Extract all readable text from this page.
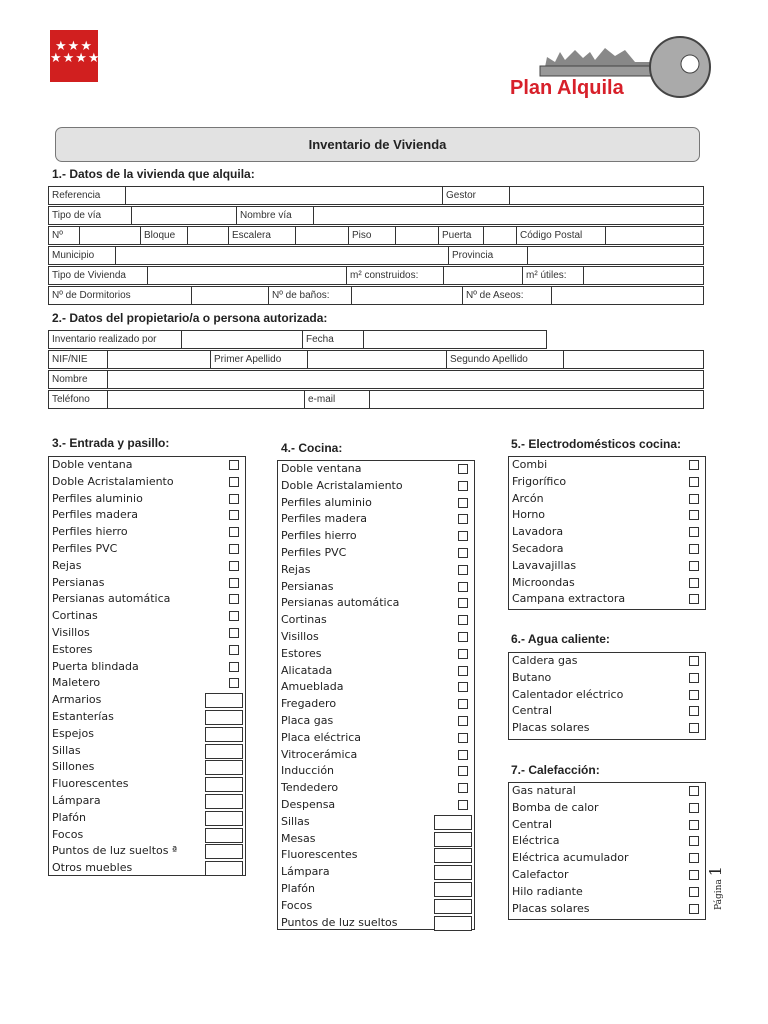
★★★
★★★★
Plan Alquila
Inventario de Vivienda
1.- Datos de la vivienda que alquila:
Referencia		Gestor	
Tipo de vía		Nombre vía	
Nº		Bloque		Escalera		Piso		Puerta		Código Postal	
Municipio		Provincia	
Tipo de Vivienda		m² construidos:		m² útiles:	
Nº de Dormitorios		Nº de baños:		Nº de Aseos:	
2.- Datos del propietario/a o persona autorizada:
Inventario realizado por		Fecha		
NIF/NIE		Primer Apellido		Segundo Apellido	
Nombre	
Teléfono		e-mail	
3.- Entrada y pasillo:	4.- Cocina:	5.- Electrodomésticos cocina:
6.- Agua caliente:
7.- Calefacción:
Doble ventana
Doble Acristalamiento
Perfiles aluminio
Perfiles madera
Perfiles hierro
Perfiles PVC
Rejas
Persianas
Persianas automática
Cortinas
Visillos
Estores
Puerta blindada
Maletero
Armarios
Estanterías
Espejos
Sillas
Sillones
Fluorescentes
Lámpara
Plafón
Focos
Puntos de luz sueltos ª
Otros muebles
Doble ventana
Doble Acristalamiento
Perfiles aluminio
Perfiles madera
Perfiles hierro
Perfiles PVC
Rejas
Persianas
Persianas automática
Cortinas
Visillos
Estores
Alicatada
Amueblada
Fregadero
Placa gas
Placa eléctrica
Vitrocerámica
Inducción
Tendedero
Despensa
Sillas
Mesas
Fluorescentes
Lámpara
Plafón
Focos
Puntos de luz sueltos
Combi
Frigorífico
Arcón
Horno
Lavadora
Secadora
Lavavajillas
Microondas
Campana extractora
Caldera gas
Butano
Calentador eléctrico
Central
Placas solares
Gas natural
Bomba de calor
Central
Eléctrica
Eléctrica acumulador
Calefactor
Hilo radiante
Placas solares	Página 1
